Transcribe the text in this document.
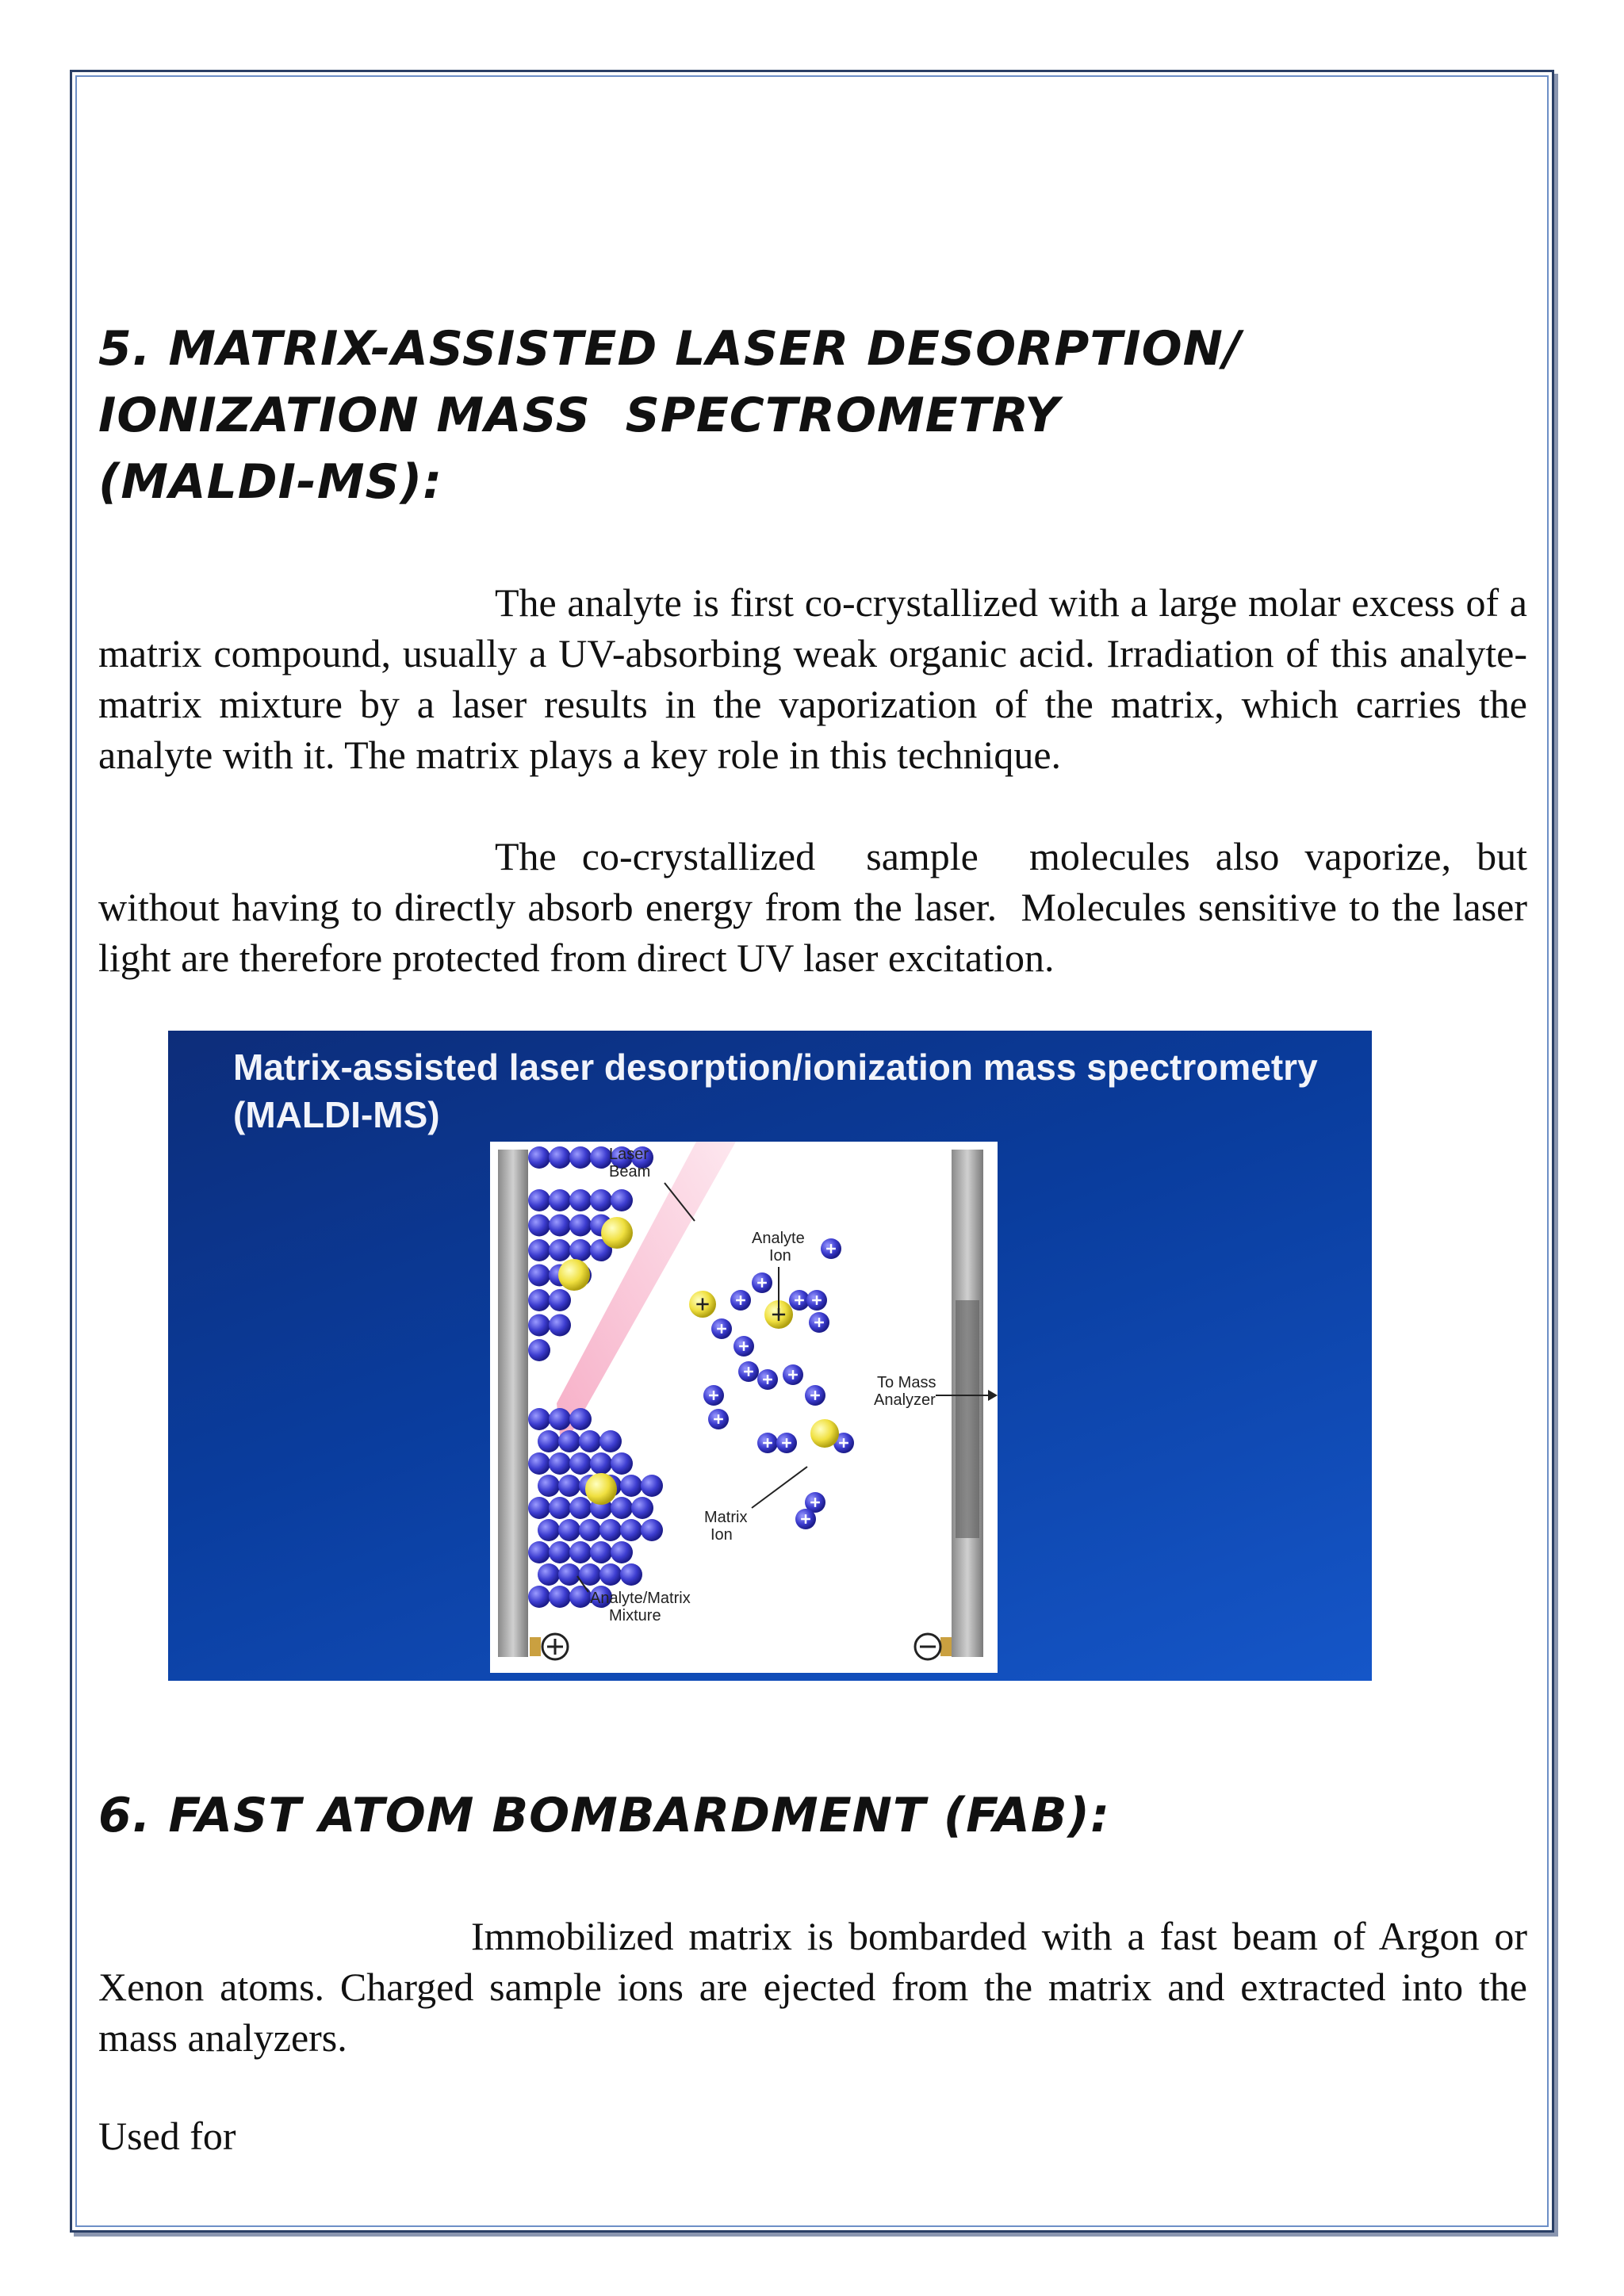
5. MATRIX-ASSISTED LASER DESORPTION/
IONIZATION MASS  SPECTROMETRY
(MALDI-MS):

The analyte is first co-crystallized with a large molar excess of a matrix compound, usually a UV-absorbing weak organic acid. Irradiation of this analyte-matrix mixture by a laser results in the vaporization of the matrix, which carries the analyte with it. The matrix plays a key role in this technique.

The co-crystallized  sample  molecules also vaporize, but without having to directly absorb energy from the laser.  Molecules sensitive to the laser light are therefore protected from direct UV laser excitation.

Matrix-assisted laser desorption/ionization mass spectrometry
(MALDI-MS)
Laser
Beam
Analyte
Ion
To Mass
Analyzer
Matrix
Ion
Analyte/Matrix
Mixture
6. FAST ATOM BOMBARDMENT (FAB):

Immobilized matrix is bombarded with a fast beam of Argon or Xenon atoms. Charged sample ions are ejected from the matrix and extracted into the mass analyzers.

Used for
